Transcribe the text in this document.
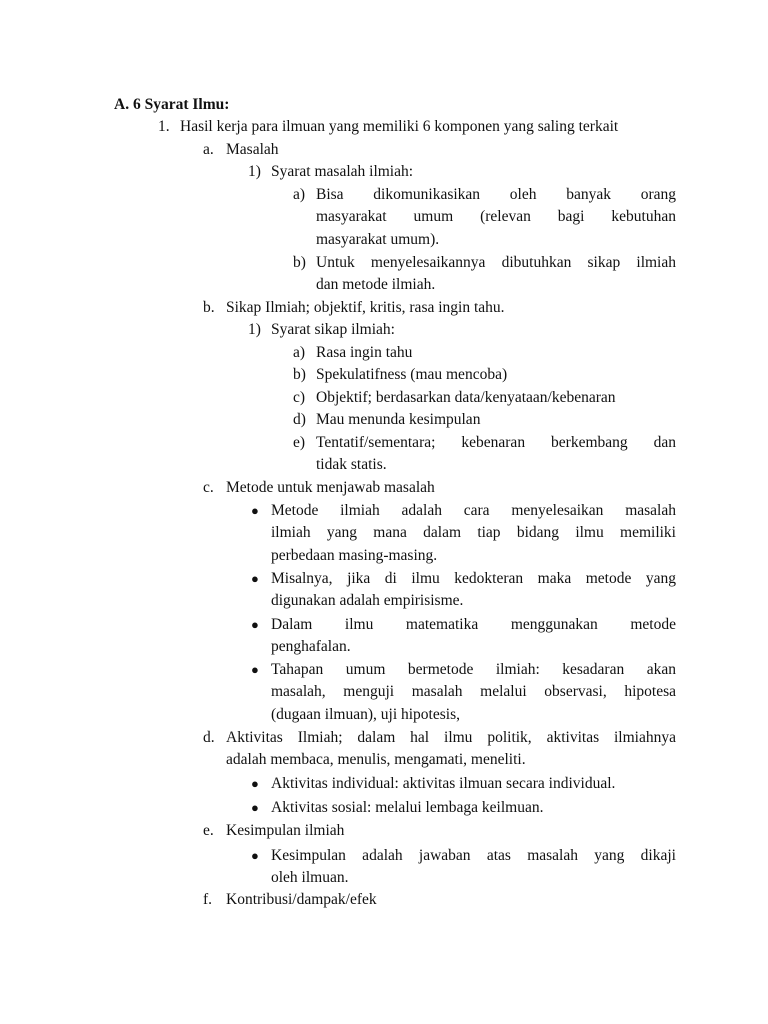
A. 6 Syarat Ilmu:
1. Hasil kerja para ilmuan yang memiliki 6 komponen yang saling terkait
a. Masalah
1) Syarat masalah ilmiah:
a) Bisa dikomunikasikan oleh banyak orang
masyarakat umum (relevan bagi kebutuhan
masyarakat umum).
b) Untuk menyelesaikannya dibutuhkan sikap ilmiah
dan metode ilmiah.
b. Sikap Ilmiah; objektif, kritis, rasa ingin tahu.
1) Syarat sikap ilmiah:
a) Rasa ingin tahu
b) Spekulatifness (mau mencoba)
c) Objektif; berdasarkan data/kenyataan/kebenaran
d) Mau menunda kesimpulan
e) Tentatif/sementara; kebenaran berkembang dan
tidak statis.
c. Metode untuk menjawab masalah
● Metode ilmiah adalah cara menyelesaikan masalah
ilmiah yang mana dalam tiap bidang ilmu memiliki
perbedaan masing-masing.
● Misalnya, jika di ilmu kedokteran maka metode yang
digunakan adalah empirisisme.
● Dalam ilmu matematika menggunakan metode
penghafalan.
● Tahapan umum bermetode ilmiah: kesadaran akan
masalah, menguji masalah melalui observasi, hipotesa
(dugaan ilmuan), uji hipotesis,
d. Aktivitas Ilmiah; dalam hal ilmu politik, aktivitas ilmiahnya
adalah membaca, menulis, mengamati, meneliti.
● Aktivitas individual: aktivitas ilmuan secara individual.
● Aktivitas sosial: melalui lembaga keilmuan.
e. Kesimpulan ilmiah
● Kesimpulan adalah jawaban atas masalah yang dikaji
oleh ilmuan.
f. Kontribusi/dampak/efek
